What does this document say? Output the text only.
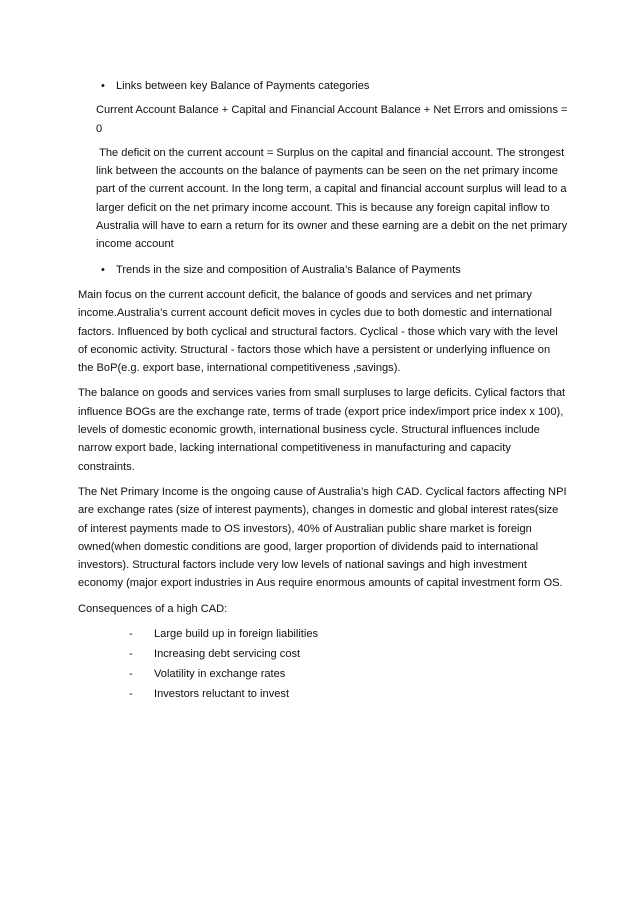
• Links between key Balance of Payments categories

Current Account Balance + Capital and Financial Account Balance + Net Errors and omissions = 0

The deficit on the current account = Surplus on the capital and financial account. The strongest link between the accounts on the balance of payments can be seen on the net primary income part of the current account. In the long term, a capital and financial account surplus will lead to a larger deficit on the net primary income account. This is because any foreign capital inflow to Australia will have to earn a return for its owner and these earning are a debit on the net primary income account

• Trends in the size and composition of Australia’s Balance of Payments

Main focus on the current account deficit, the balance of goods and services and net primary income.Australia’s current account deficit moves in cycles due to both domestic and international factors. Influenced by both cyclical and structural factors. Cyclical - those which vary with the level of economic activity. Structural - factors those which have a persistent or underlying influence on the BoP(e.g. export base, international competitiveness ,savings).

The balance on goods and services varies from small surpluses to large deficits. Cylical factors that influence BOGs are the exchange rate, terms of trade (export price index/import price index x 100), levels of domestic economic growth, international business cycle. Structural influences include narrow export bade, lacking international competitiveness in manufacturing and capacity constraints.

The Net Primary Income is the ongoing cause of Australia’s high CAD. Cyclical factors affecting NPI are exchange rates (size of interest payments), changes in domestic and global interest rates(size of interest payments made to OS investors), 40% of Australian public share market is foreign owned(when domestic conditions are good, larger proportion of dividends paid to international investors). Structural factors include very low levels of national savings and high investment economy (major export industries in Aus require enormous amounts of capital investment form OS.

Consequences of a high CAD:

- Large build up in foreign liabilities
- Increasing debt servicing cost
- Volatility in exchange rates
- Investors reluctant to invest
